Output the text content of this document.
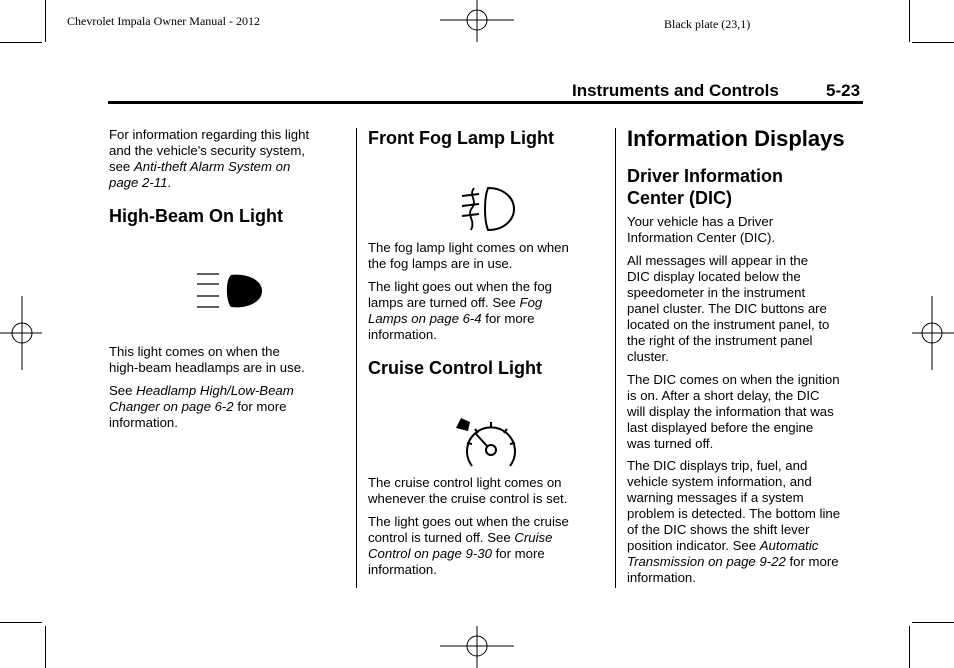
Chevrolet Impala Owner Manual - 2012	Black plate (23,1)
Instruments and Controls	5-23

For information regarding this light
and the vehicle's security system,
see Anti-theft Alarm System on
page 2-11.

High-Beam On Light

This light comes on when the
high-beam headlamps are in use.

See Headlamp High/Low-Beam
Changer on page 6-2 for more
information.

Front Fog Lamp Light

The fog lamp light comes on when
the fog lamps are in use.

The light goes out when the fog
lamps are turned off. See Fog
Lamps on page 6-4 for more
information.

Cruise Control Light

The cruise control light comes on
whenever the cruise control is set.

The light goes out when the cruise
control is turned off. See Cruise
Control on page 9-30 for more
information.

Information Displays
Driver Information
Center (DIC)

Your vehicle has a Driver
Information Center (DIC).

All messages will appear in the
DIC display located below the
speedometer in the instrument
panel cluster. The DIC buttons are
located on the instrument panel, to
the right of the instrument panel
cluster.

The DIC comes on when the ignition
is on. After a short delay, the DIC
will display the information that was
last displayed before the engine
was turned off.

The DIC displays trip, fuel, and
vehicle system information, and
warning messages if a system
problem is detected. The bottom line
of the DIC shows the shift lever
position indicator. See Automatic
Transmission on page 9-22 for more
information.
